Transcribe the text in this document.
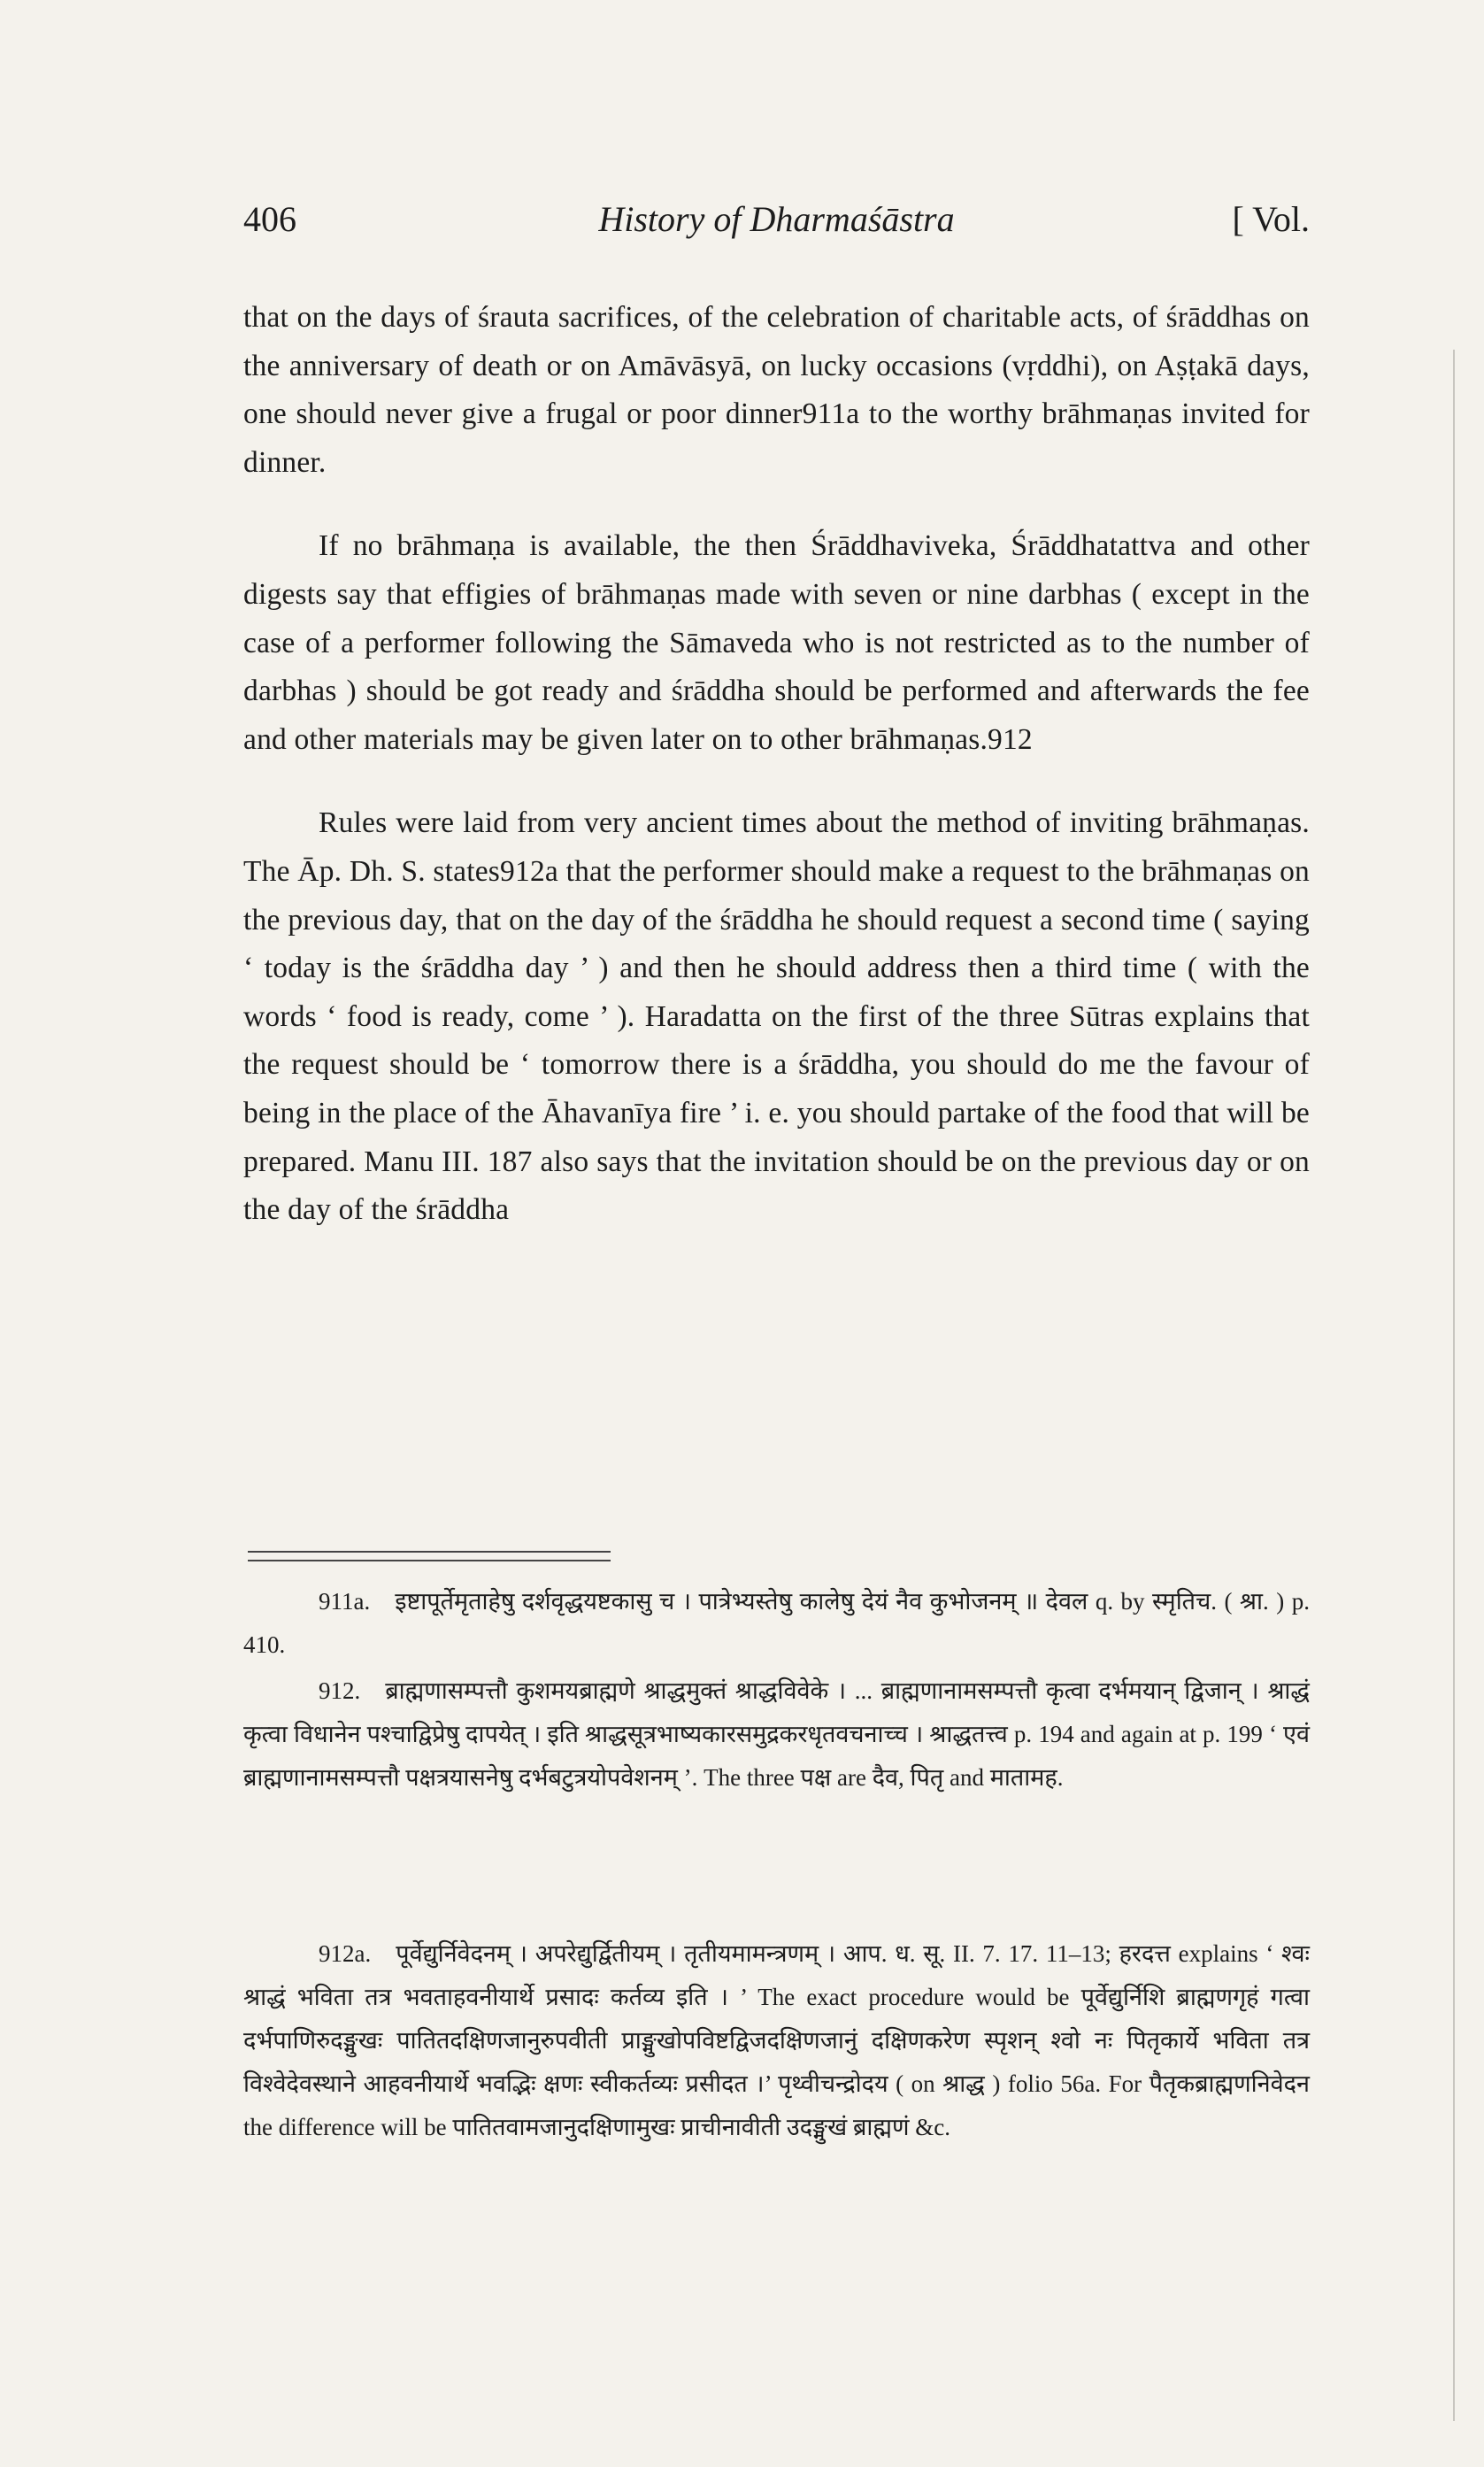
406	History of Dharmaśāstra	[ Vol.

that on the days of śrauta sacrifices, of the celebration of charitable acts, of śrāddhas on the anniversary of death or on Amāvāsyā, on lucky occasions (vṛddhi), on Aṣṭakā days, one should never give a frugal or poor dinner911a to the worthy brāhmaṇas invited for dinner.

If no brāhmaṇa is available, the then Śrāddhaviveka, Śrāddhatattva and other digests say that effigies of brāhmaṇas made with seven or nine darbhas ( except in the case of a performer following the Sāmaveda who is not restricted as to the number of darbhas ) should be got ready and śrāddha should be performed and afterwards the fee and other materials may be given later on to other brāhmaṇas.912

Rules were laid from very ancient times about the method of inviting brāhmaṇas. The Āp. Dh. S. states912a that the performer should make a request to the brāhmaṇas on the previous day, that on the day of the śrāddha he should request a second time ( saying ‘ today is the śrāddha day ’ ) and then he should address then a third time ( with the words ‘ food is ready, come ’ ). Haradatta on the first of the three Sūtras explains that the request should be ‘ tomorrow there is a śrāddha, you should do me the favour of being in the place of the Āhavanīya fire ’ i. e. you should partake of the food that will be prepared. Manu III. 187 also says that the invitation should be on the previous day or on the day of the śrāddha

911a. इष्टापूर्तेमृताहेषु दर्शवृद्धयष्टकासु च । पात्रेभ्यस्तेषु कालेषु देयं नैव कुभोजनम् ॥ देवल q. by स्मृतिच. ( श्रा. ) p. 410.
912. ब्राह्मणासम्पत्तौ कुशमयब्राह्मणे श्राद्धमुक्तं श्राद्धविवेके । ... ब्राह्मणानामसम्पत्तौ कृत्वा दर्भमयान् द्विजान् । श्राद्धं कृत्वा विधानेन पश्चाद्विप्रेषु दापयेत् । इति श्राद्धसूत्रभाष्यकारसमुद्रकरधृतवचनाच्च । श्राद्धतत्त्व p. 194 and again at p. 199 ‘ एवं ब्राह्मणानामसम्पत्तौ पक्षत्रयासनेषु दर्भबटुत्रयोपवेशनम् ’. The three पक्ष are दैव, पितृ and मातामह.
912a. पूर्वेद्युर्निवेदनम् । अपरेद्युर्द्वितीयम् । तृतीयमामन्त्रणम् । आप. ध. सू. II. 7. 17. 11–13; हरदत्त explains ‘ श्वः श्राद्धं भविता तत्र भवताहवनीयार्थे प्रसादः कर्तव्य इति । ’ The exact procedure would be पूर्वेद्युर्निशि ब्राह्मणगृहं गत्वा दर्भपाणिरुदङ्मुखः पातितदक्षिणजानुरुपवीती प्राङ्मुखोपविष्टद्विजदक्षिणजानुं दक्षिणकरेण स्पृशन् श्वो नः पितृकार्ये भविता तत्र विश्वेदेवस्थाने आहवनीयार्थे भवद्भिः क्षणः स्वीकर्तव्यः प्रसीदत ।’ पृथ्वीचन्द्रोदय ( on श्राद्ध ) folio 56a. For पैतृकब्राह्मणनिवेदन the difference will be पातितवामजानुदक्षिणामुखः प्राचीनावीती उदङ्मुखं ब्राह्मणं &c.
